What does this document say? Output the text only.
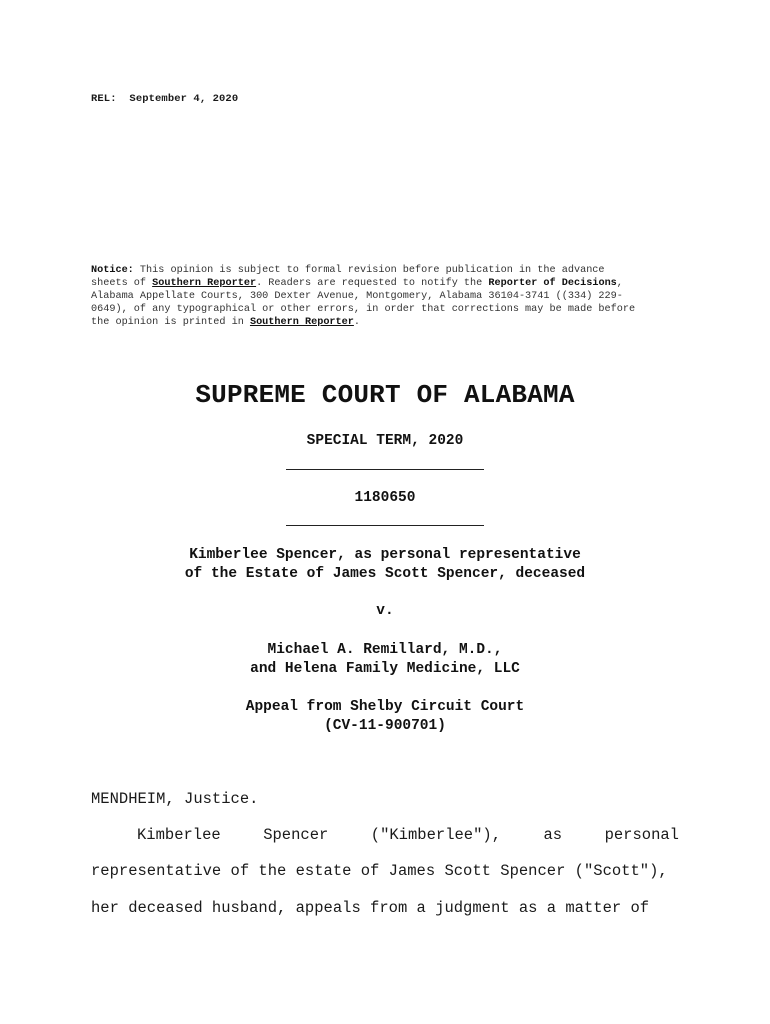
REL: September 4, 2020
Notice: This opinion is subject to formal revision before publication in the advance
sheets of Southern Reporter. Readers are requested to notify the Reporter of Decisions,
Alabama Appellate Courts, 300 Dexter Avenue, Montgomery, Alabama 36104-3741 ((334) 229-
0649), of any typographical or other errors, in order that corrections may be made before
the opinion is printed in Southern Reporter.
SUPREME COURT OF ALABAMA
SPECIAL TERM, 2020
1180650
Kimberlee Spencer, as personal representative
of the Estate of James Scott Spencer, deceased
v.
Michael A. Remillard, M.D.,
and Helena Family Medicine, LLC
Appeal from Shelby Circuit Court
(CV-11-900701)
MENDHEIM, Justice.
Kimberlee	Spencer	("Kimberlee"),	as	personal
representative of the estate of James Scott Spencer ("Scott"),
her deceased husband, appeals from a judgment as a matter of
